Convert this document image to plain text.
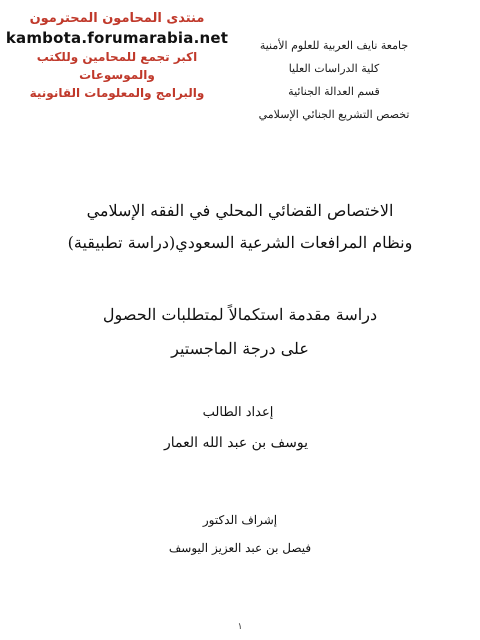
منتدى المحامون المحترمون
kambota.forumarabia.net
اكبر تجمع للمحامين وللكتب والموسوعات
والبرامج والمعلومات القانونية
جامعة نايف العربية للعلوم الأمنية
كلية الدراسات العليا
قسم العدالة الجنائية
تخصص التشريع الجنائي الإسلامي
الاختصاص القضائي المحلي في الفقه الإسلامي
ونظام المرافعات الشرعية السعودي(دراسة تطبيقية)
دراسة مقدمة استكمالاً لمتطلبات الحصول
على درجة الماجستير
إعداد الطالب
يوسف بن عبد الله العمار
إشراف الدكتور
فيصل بن عبد العزيز اليوسف
١
